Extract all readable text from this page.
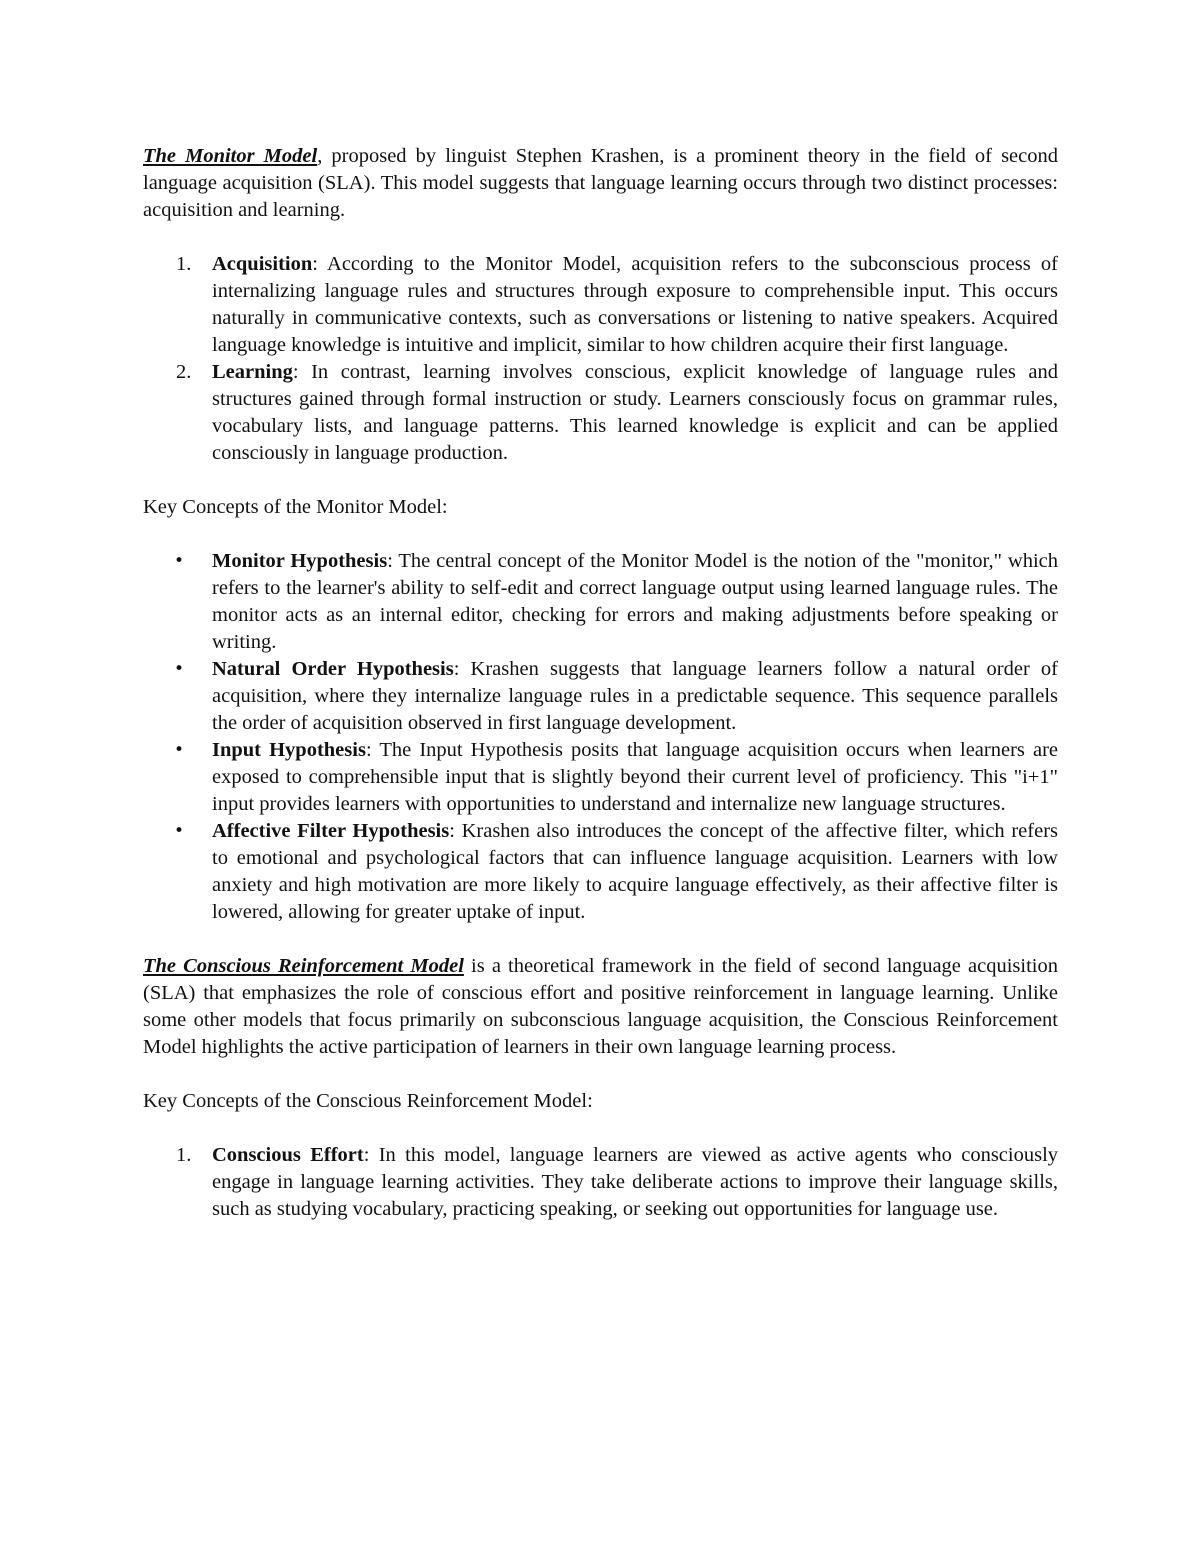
The Monitor Model, proposed by linguist Stephen Krashen, is a prominent theory in the field of second language acquisition (SLA). This model suggests that language learning occurs through two distinct processes: acquisition and learning.

1. Acquisition: According to the Monitor Model, acquisition refers to the subconscious process of internalizing language rules and structures through exposure to comprehensible input. This occurs naturally in communicative contexts, such as conversations or listening to native speakers. Acquired language knowledge is intuitive and implicit, similar to how children acquire their first language.
2. Learning: In contrast, learning involves conscious, explicit knowledge of language rules and structures gained through formal instruction or study. Learners consciously focus on grammar rules, vocabulary lists, and language patterns. This learned knowledge is explicit and can be applied consciously in language production.

Key Concepts of the Monitor Model:

• Monitor Hypothesis: The central concept of the Monitor Model is the notion of the "monitor," which refers to the learner's ability to self-edit and correct language output using learned language rules. The monitor acts as an internal editor, checking for errors and making adjustments before speaking or writing.
• Natural Order Hypothesis: Krashen suggests that language learners follow a natural order of acquisition, where they internalize language rules in a predictable sequence. This sequence parallels the order of acquisition observed in first language development.
• Input Hypothesis: The Input Hypothesis posits that language acquisition occurs when learners are exposed to comprehensible input that is slightly beyond their current level of proficiency. This "i+1" input provides learners with opportunities to understand and internalize new language structures.
• Affective Filter Hypothesis: Krashen also introduces the concept of the affective filter, which refers to emotional and psychological factors that can influence language acquisition. Learners with low anxiety and high motivation are more likely to acquire language effectively, as their affective filter is lowered, allowing for greater uptake of input.

The Conscious Reinforcement Model is a theoretical framework in the field of second language acquisition (SLA) that emphasizes the role of conscious effort and positive reinforcement in language learning. Unlike some other models that focus primarily on subconscious language acquisition, the Conscious Reinforcement Model highlights the active participation of learners in their own language learning process.

Key Concepts of the Conscious Reinforcement Model:

1. Conscious Effort: In this model, language learners are viewed as active agents who consciously engage in language learning activities. They take deliberate actions to improve their language skills, such as studying vocabulary, practicing speaking, or seeking out opportunities for language use.
